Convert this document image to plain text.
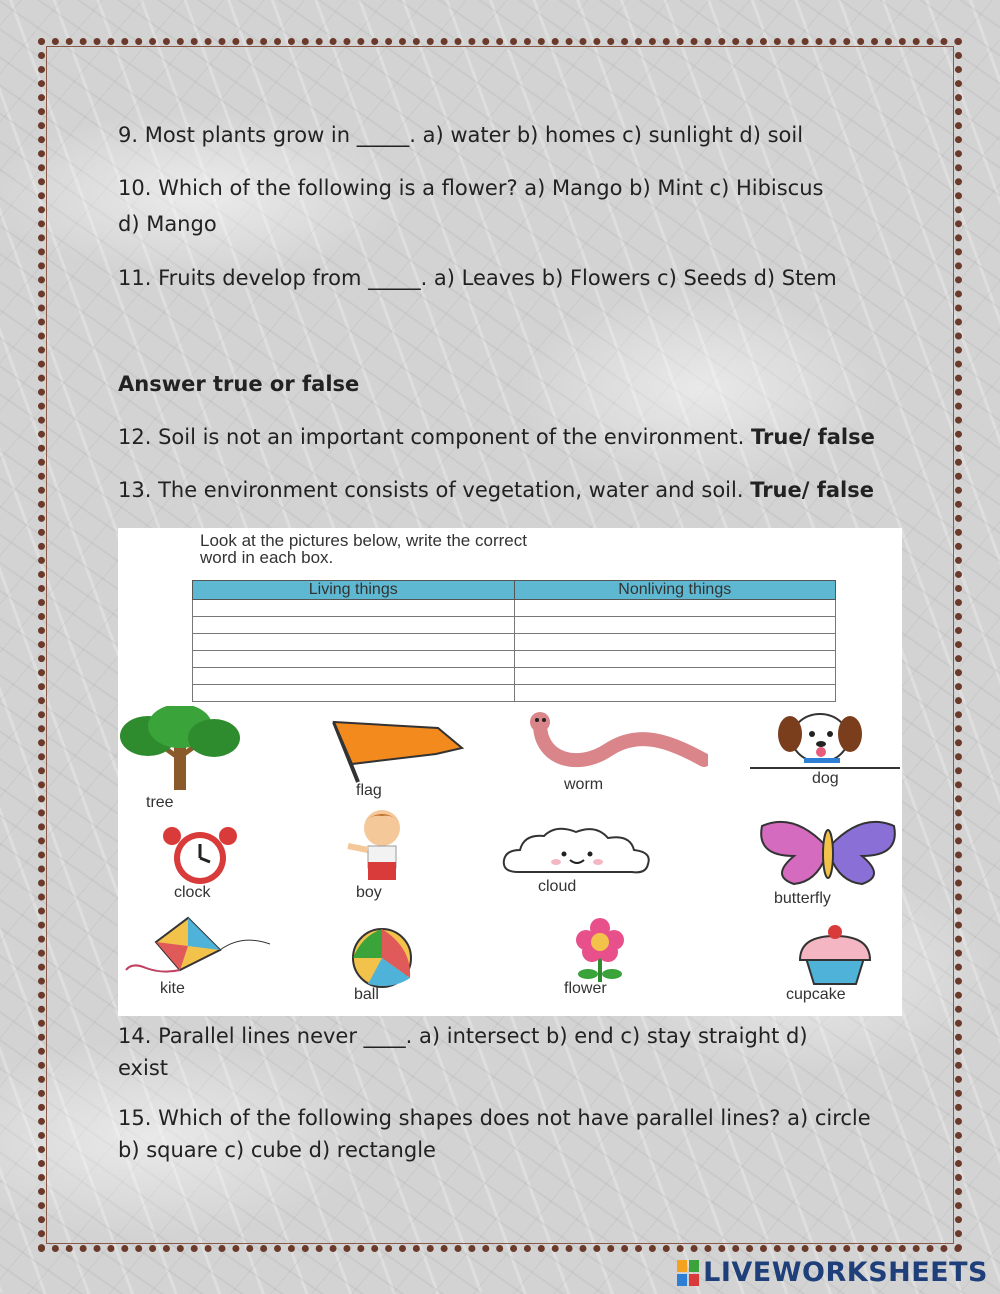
9. Most plants grow in _____. a) water b) homes c) sunlight d) soil
10. Which of the following is a flower? a) Mango b) Mint c) Hibiscus
d) Mango
11. Fruits develop from _____. a) Leaves b) Flowers c) Seeds d) Stem
Answer true or false
12. Soil is not an important component of the environment. True/ false
13. The environment consists of vegetation, water and soil. True/ false
Look at the pictures below, write the correct
word in each box.
Living things	Nonliving things

tree
flag	worm	dog
clock	boy	cloud
butterfly
kite	ball	flower	cupcake
14. Parallel lines never ____. a) intersect b) end c) stay straight d)
exist
15. Which of the following shapes does not have parallel lines? a) circle
b) square c) cube d) rectangle
LIVEWORKSHEETS
